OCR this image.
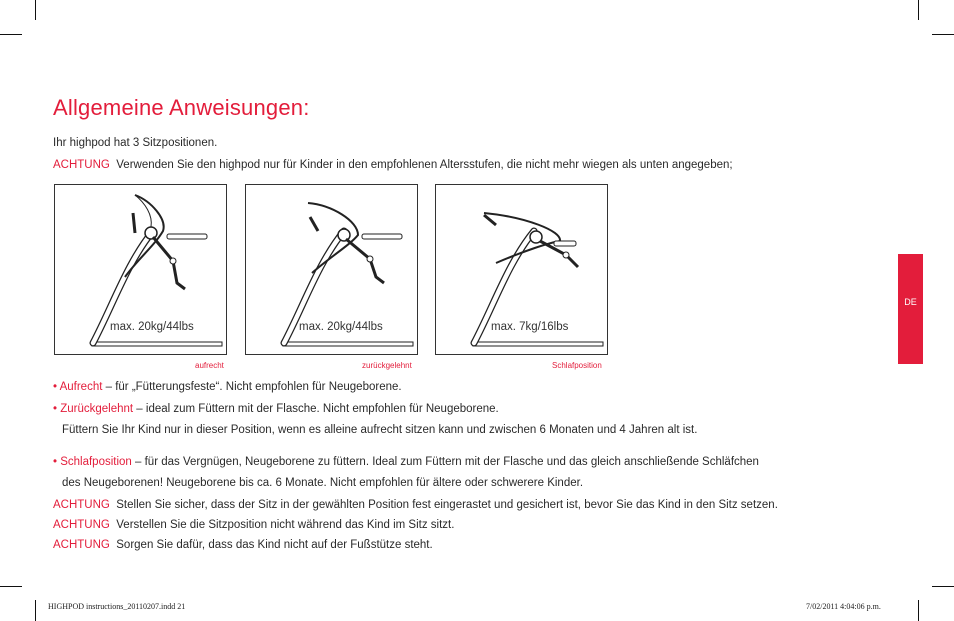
Allgemeine Anweisungen:
Ihr highpod hat 3 Sitzpositionen.
ACHTUNG Verwenden Sie den highpod nur für Kinder in den empfohlenen Altersstufen, die nicht mehr wiegen als unten angegeben;
max. 20kg/44lbs
aufrecht
max. 20kg/44lbs
zurückgelehnt
max. 7kg/16lbs
Schlafposition
• Aufrecht – für „Fütterungsfeste“. Nicht empfohlen für Neugeborene.
• Zurückgelehnt – ideal zum Füttern mit der Flasche. Nicht empfohlen für Neugeborene.
Füttern Sie Ihr Kind nur in dieser Position, wenn es alleine aufrecht sitzen kann und zwischen 6 Monaten und 4 Jahren alt ist.
• Schlafposition – für das Vergnügen, Neugeborene zu füttern. Ideal zum Füttern mit der Flasche und das gleich anschließende Schläfchen
des Neugeborenen! Neugeborene bis ca. 6 Monate. Nicht empfohlen für ältere oder schwerere Kinder.
ACHTUNG Stellen Sie sicher, dass der Sitz in der gewählten Position fest eingerastet und gesichert ist, bevor Sie das Kind in den Sitz setzen.
ACHTUNG Verstellen Sie die Sitzposition nicht während das Kind im Sitz sitzt.
ACHTUNG Sorgen Sie dafür, dass das Kind nicht auf der Fußstütze steht.
DE
HIGHPOD instructions_20110207.indd 21	7/02/2011 4:04:06 p.m.
